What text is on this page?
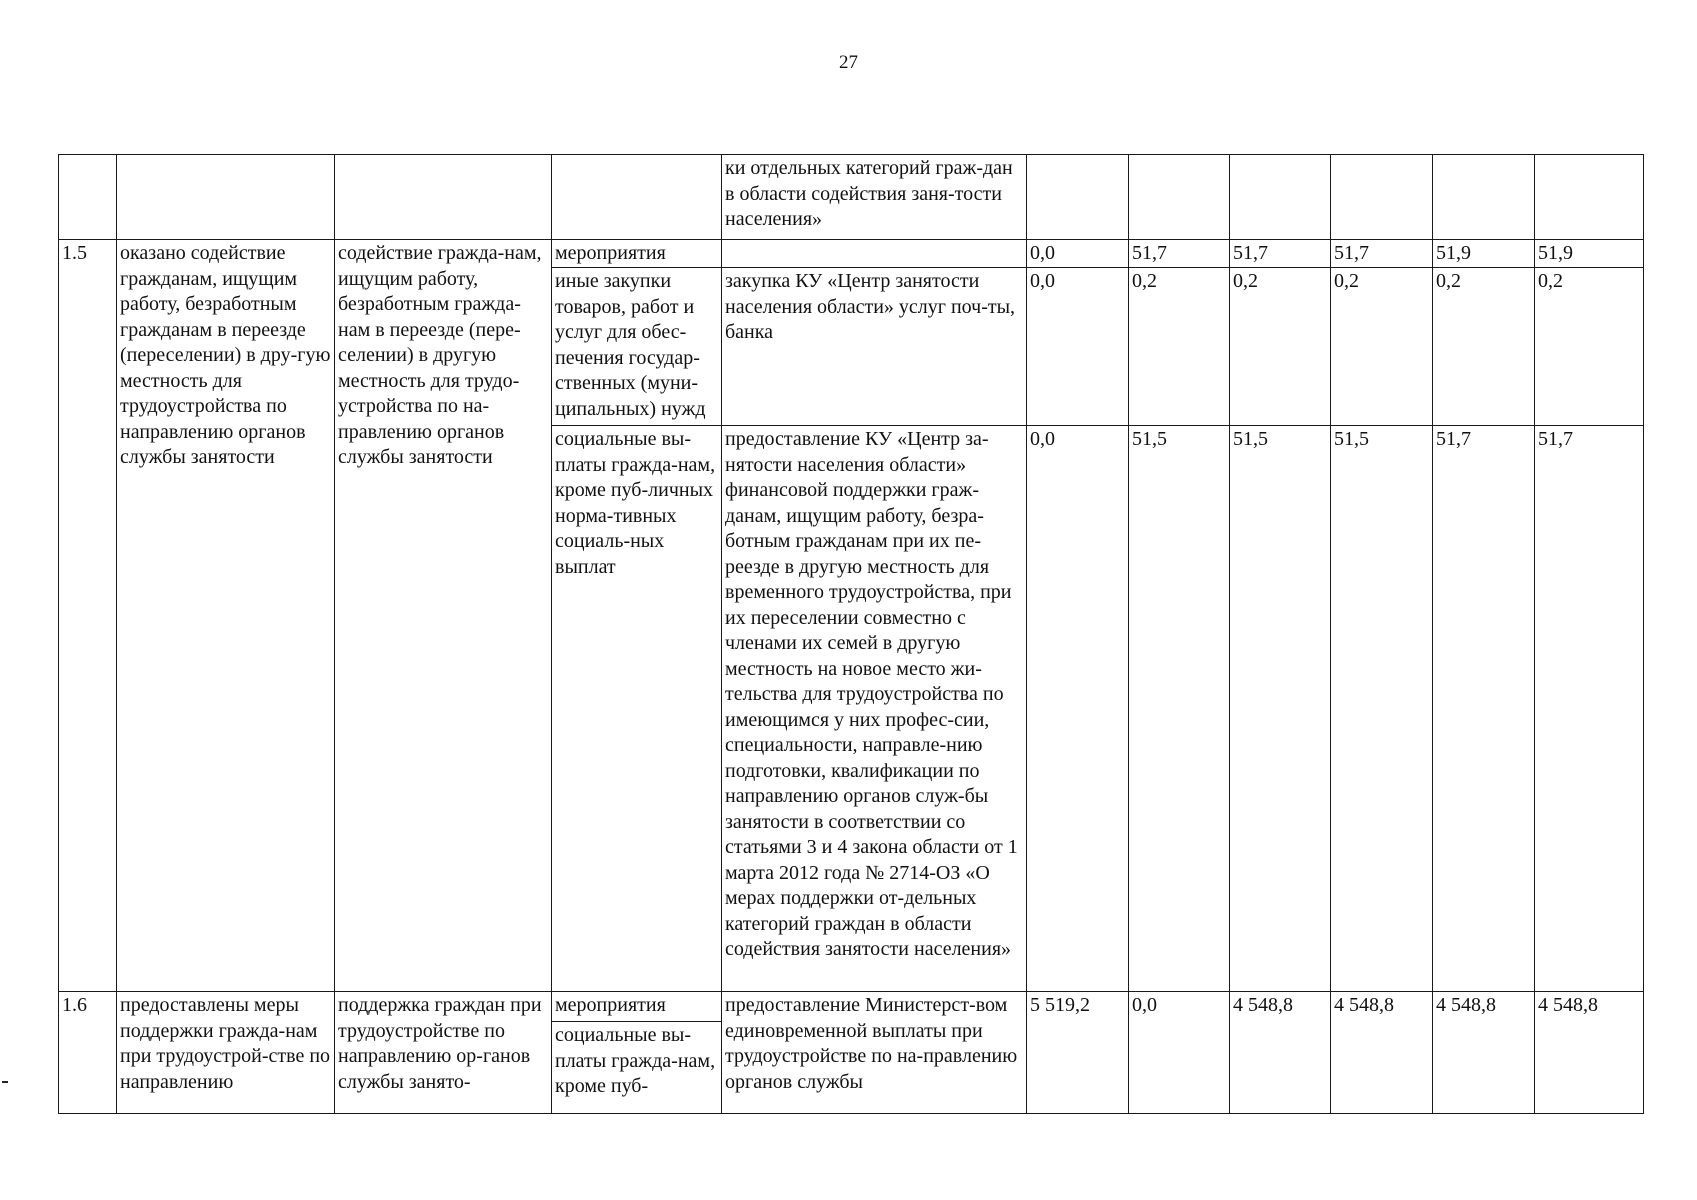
27
				ки отдельных категорий граж-дан в области содействия заня-тости населения»						
1.5	оказано содействие гражданам, ищущим работу, безработным гражданам в переезде (переселении) в дру-гую местность для трудоустройства по направлению органов службы занятости	содействие гражда-нам, ищущим работу, безработным гражда-нам в переезде (пере-селении) в другую местность для трудо-устройства по на-правлению органов службы занятости	мероприятия		0,0	51,7	51,7	51,7	51,9	51,9
			иные закупки товаров, работ и услуг для обес-печения государ-ственных (муни-ципальных) нужд	закупка КУ «Центр занятости населения области» услуг поч-ты, банка	0,0	0,2	0,2	0,2	0,2	0,2
			социальные вы-платы гражда-нам, кроме пуб-личных норма-тивных социаль-ных выплат	предоставление КУ «Центр за-нятости населения области» финансовой поддержки граж-данам, ищущим работу, безра-ботным гражданам при их пе-реезде в другую местность для временного трудоустройства, при их переселении совместно с членами их семей в другую местность на новое место жи-тельства для трудоустройства по имеющимся у них профес-сии, специальности, направле-нию подготовки, квалификации по направлению органов служ-бы занятости в соответствии со статьями 3 и 4 закона области от 1 марта 2012 года № 2714-ОЗ «О мерах поддержки от-дельных категорий граждан в области содействия занятости населения»	0,0	51,5	51,5	51,5	51,7	51,7
1.6	предоставлены меры поддержки гражда-нам при трудоустрой-стве по направлению	поддержка граждан при трудоустройстве по направлению ор-ганов службы занято-	мероприятия	предоставление Министерст-вом единовременной выплаты при трудоустройстве по на-правлению органов службы	5 519,2	0,0	4 548,8	4 548,8	4 548,8	4 548,8
			социальные вы-платы гражда-нам, кроме пуб-							
